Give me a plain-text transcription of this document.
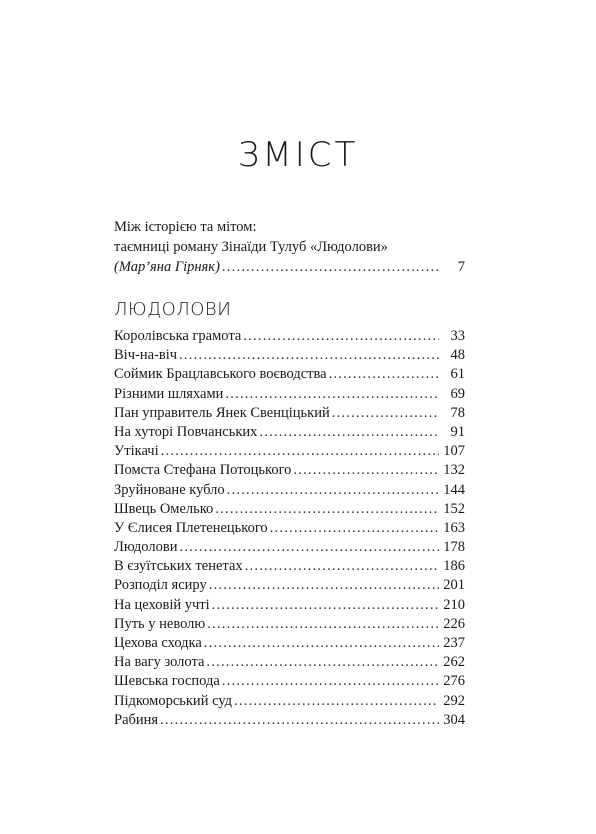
ЗМІСТ
Між історією та мітом:
таємниці роману Зінаїди Тулуб «Людолови»
(Мар’яна Гірняк) . . .	7
ЛЮДОЛОВИ
Королівська грамота . . .	33
Віч-на-віч . . .	48
Соймик Брацлавського воєводства . . .	61
Різними шляхами . . .	69
Пан управитель Янек Свенціцький . . .	78
На хуторі Повчанських . . .	91
Утікачі . . .	107
Помста Стефана Потоцького . . .	132
Зруйноване кубло . . .	144
Швець Омелько . . .	152
У Єлисея Плетенецького . . .	163
Людолови . . .	178
В єзуїтських тенетах . . .	186
Розподіл ясиру . . .	201
На цеховій учті . . .	210
Путь у неволю . . .	226
Цехова сходка . . .	237
На вагу золота . . .	262
Шевська господа . . .	276
Підкоморський суд . . .	292
Рабиня . . .	304
